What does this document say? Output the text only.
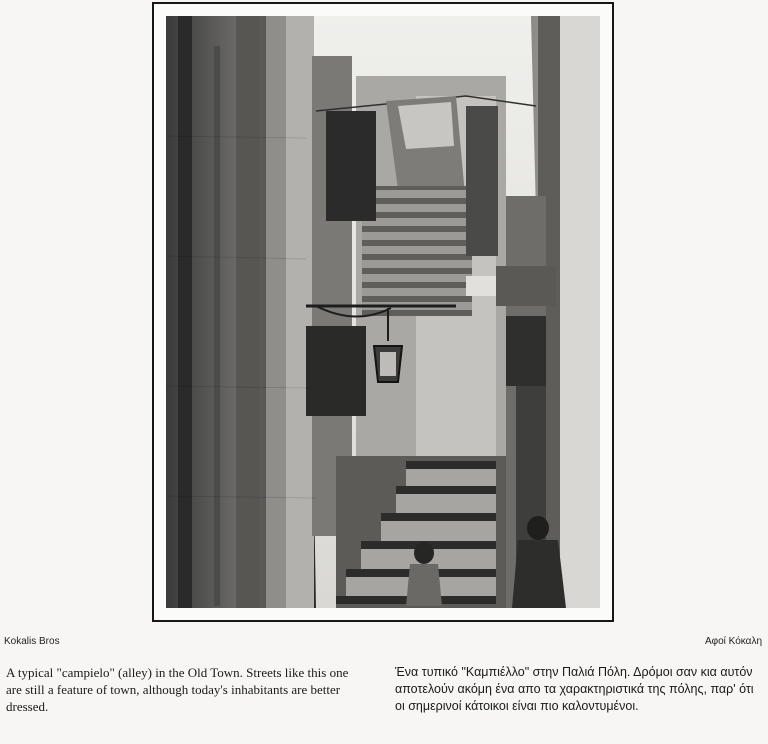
Kokalis Bros	Αφοί Κόκαλη
A typical "campielo" (alley) in the Old Town. Streets like this one are still a feature of town, although today's inhabitants are better dressed.
Ένα τυπικό "Καμπιέλλο" στην Παλιά Πόλη. Δρόμοι σαν κια αυτόν αποτελούν ακόμη ένα απο τα χαρακτηριστικά της πόλης, παρ' ότι οι σημερινοί κάτοικοι είναι πιο καλοντυμένοι.
